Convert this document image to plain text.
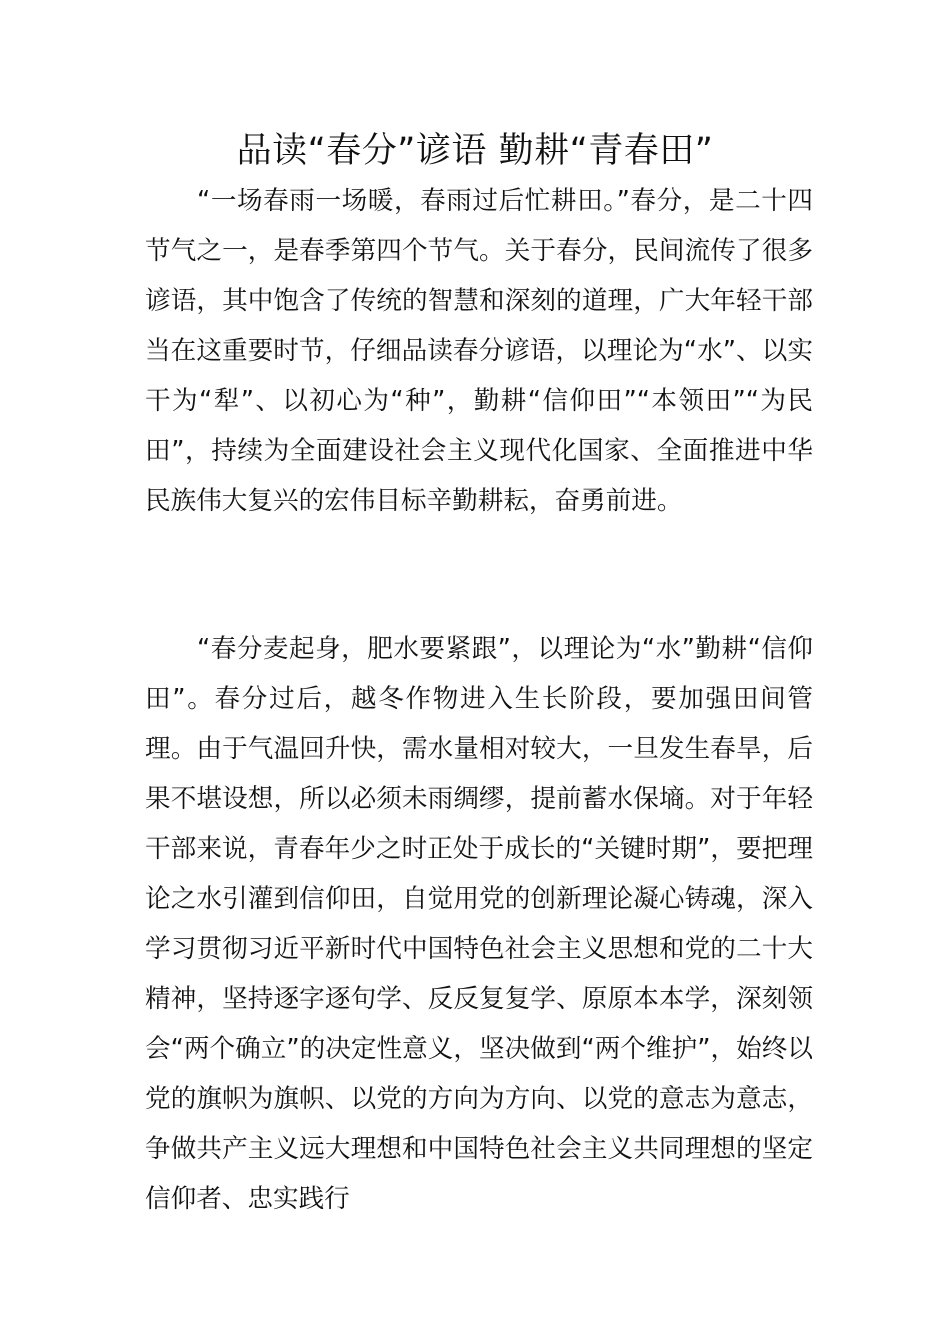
品读“春分”谚语 勤耕“青春田”

“一场春雨一场暖，春雨过后忙耕田。”春分，是二十四节气之一，是春季第四个节气。关于春分，民间流传了很多谚语，其中饱含了传统的智慧和深刻的道理，广大年轻干部当在这重要时节，仔细品读春分谚语，以理论为“水”、以实干为“犁”、以初心为“种”，勤耕“信仰田”“本领田”“为民田”，持续为全面建设社会主义现代化国家、全面推进中华民族伟大复兴的宏伟目标辛勤耕耘，奋勇前进。

“春分麦起身，肥水要紧跟”，以理论为“水”勤耕“信仰田”。春分过后，越冬作物进入生长阶段，要加强田间管理。由于气温回升快，需水量相对较大，一旦发生春旱，后果不堪设想，所以必须未雨绸缪，提前蓄水保墒。对于年轻干部来说，青春年少之时正处于成长的“关键时期”，要把理论之水引灌到信仰田，自觉用党的创新理论凝心铸魂，深入学习贯彻习近平新时代中国特色社会主义思想和党的二十大精神，坚持逐字逐句学、反反复复学、原原本本学，深刻领会“两个确立”的决定性意义，坚决做到“两个维护”，始终以党的旗帜为旗帜、以党的方向为方向、以党的意志为意志，争做共产主义远大理想和中国特色社会主义共同理想的坚定信仰者、忠实践行
